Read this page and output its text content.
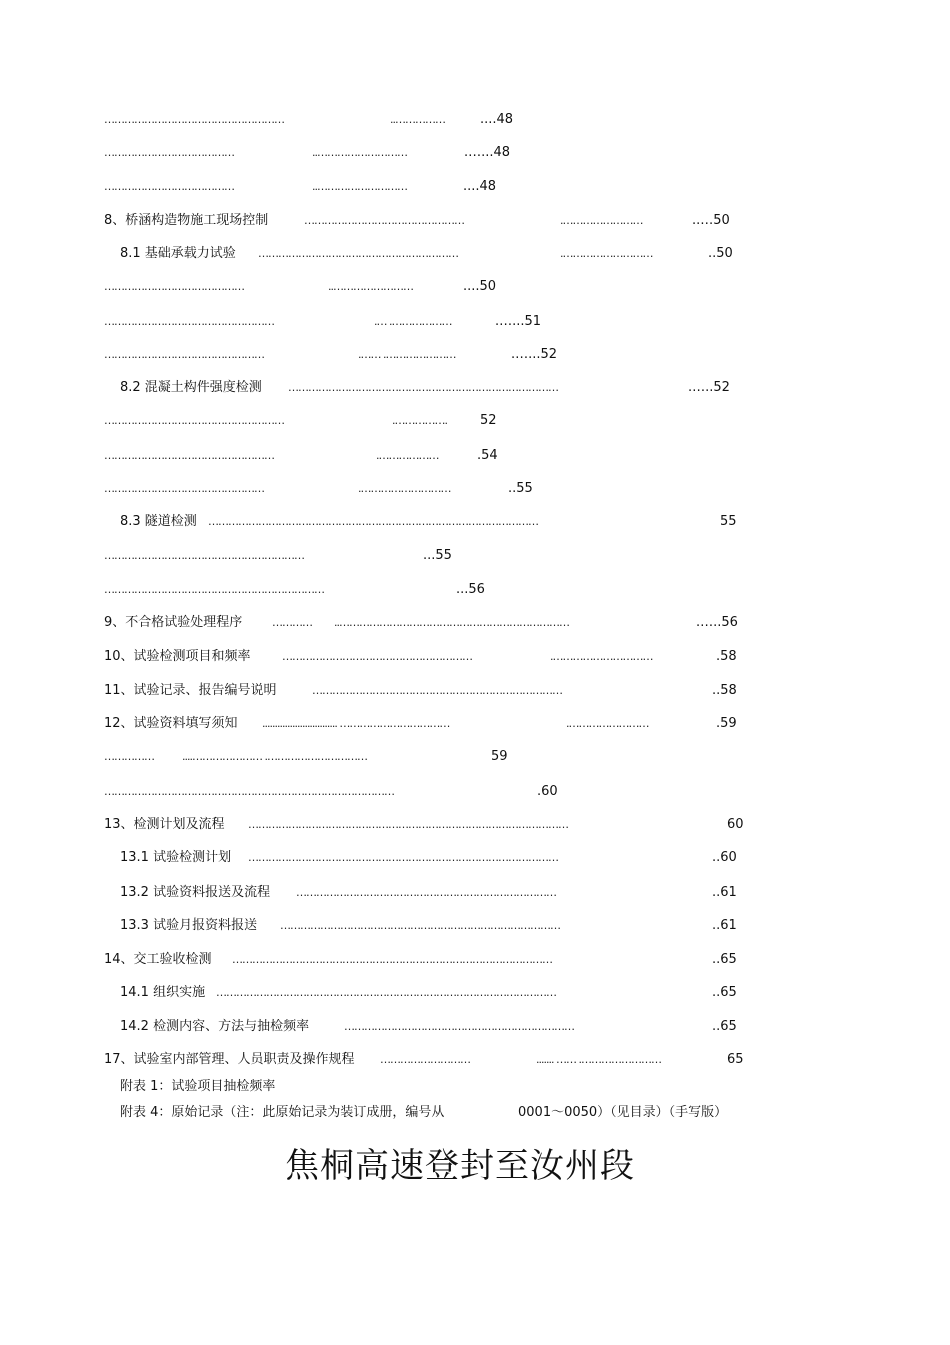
………………………………………………	..……………	....48
…………………………………	..………………………	.…...48
…………………………………	..………………………	....48
8、桥涵构造物施工现场控制	…………………………………………	.……………………	..…50
8.1 基础承载力试验 ……………………………………………………	.………………………	..50
……………………………………	..……………………	....50
……………………………………………	.… .………………	.…...51
…………………………………………	.…… .…………………	.…...52
8.2 混凝土构件强度检测 ………………………………………………………………………	.…..52
………………………………………………	.…………….	52
……………………………………………	.………………	.54
…………………………………………	.………………………	..55
8.3 隧道检测 ………………………………………………………………………………………	55
……………………………………………………	...55
…………………………………………………………	...56
9、不合格试验处理程序	………… ..……………………………………………………………	.…..56
10、试验检测项目和频率	…………………………………………………	.…………………………	.58
11、试验记录、报告编号说明	…………………………………………………………………	..58
12、试验资料填写须知 .............................. ……………………………	.……………………	.59
……………	....………………… .…………………………	59
……………………………………………………………………………	.60
13、检测计划及流程 ……………………………………………………………………………………	60
13.1 试验检测计划 …………………………………………………………………………………	..60
13.2 试验资料报送及流程 ……………………………………………………………………	..61
13.3 试验月报资料报送 …………………………………………………………………………	..61
14、交工验收检测 ……………………………………………………………………………………	..65
14.1 组织实施 …………………………………………………………………………………………	..65
14.2 检测内容、方法与抽检频率	……………………………………………………………	..65
17、试验室内部管理、人员职责及操作规程 ………………………	....... …… .……………………	65
附表 1：试验项目抽检频率
附表 4：原始记录（注：此原始记录为装订成册，编号从	0001～0050）（见目录）（手写版）
焦桐高速登封至汝州段
